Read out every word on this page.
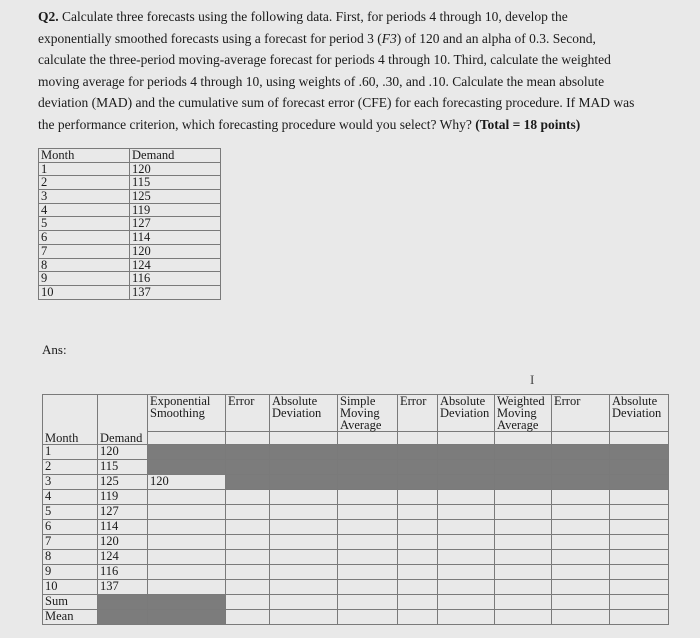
Q2. Calculate three forecasts using the following data. First, for periods 4 through 10, develop the exponentially smoothed forecasts using a forecast for period 3 (F3) of 120 and an alpha of 0.3. Second, calculate the three-period moving-average forecast for periods 4 through 10. Third, calculate the weighted moving average for periods 4 through 10, using weights of .60, .30, and .10. Calculate the mean absolute deviation (MAD) and the cumulative sum of forecast error (CFE) for each forecasting procedure. If MAD was the performance criterion, which forecasting procedure would you select? Why? (Total = 18 points)
Month	Demand
1	120
2	115
3	125
4	119
5	127
6	114
7	120
8	124
9	116
10	137
Ans:
I
		Exponential Smoothing	Error	Absolute Deviation	Simple Moving Average	Error	Absolute Deviation	Weighted Moving Average	Error	Absolute Deviation
Month	Demand									
1	120									
2	115									
3	125	120								
4	119									
5	127									
6	114									
7	120									
8	124									
9	116									
10	137									
Sum										
Mean										
